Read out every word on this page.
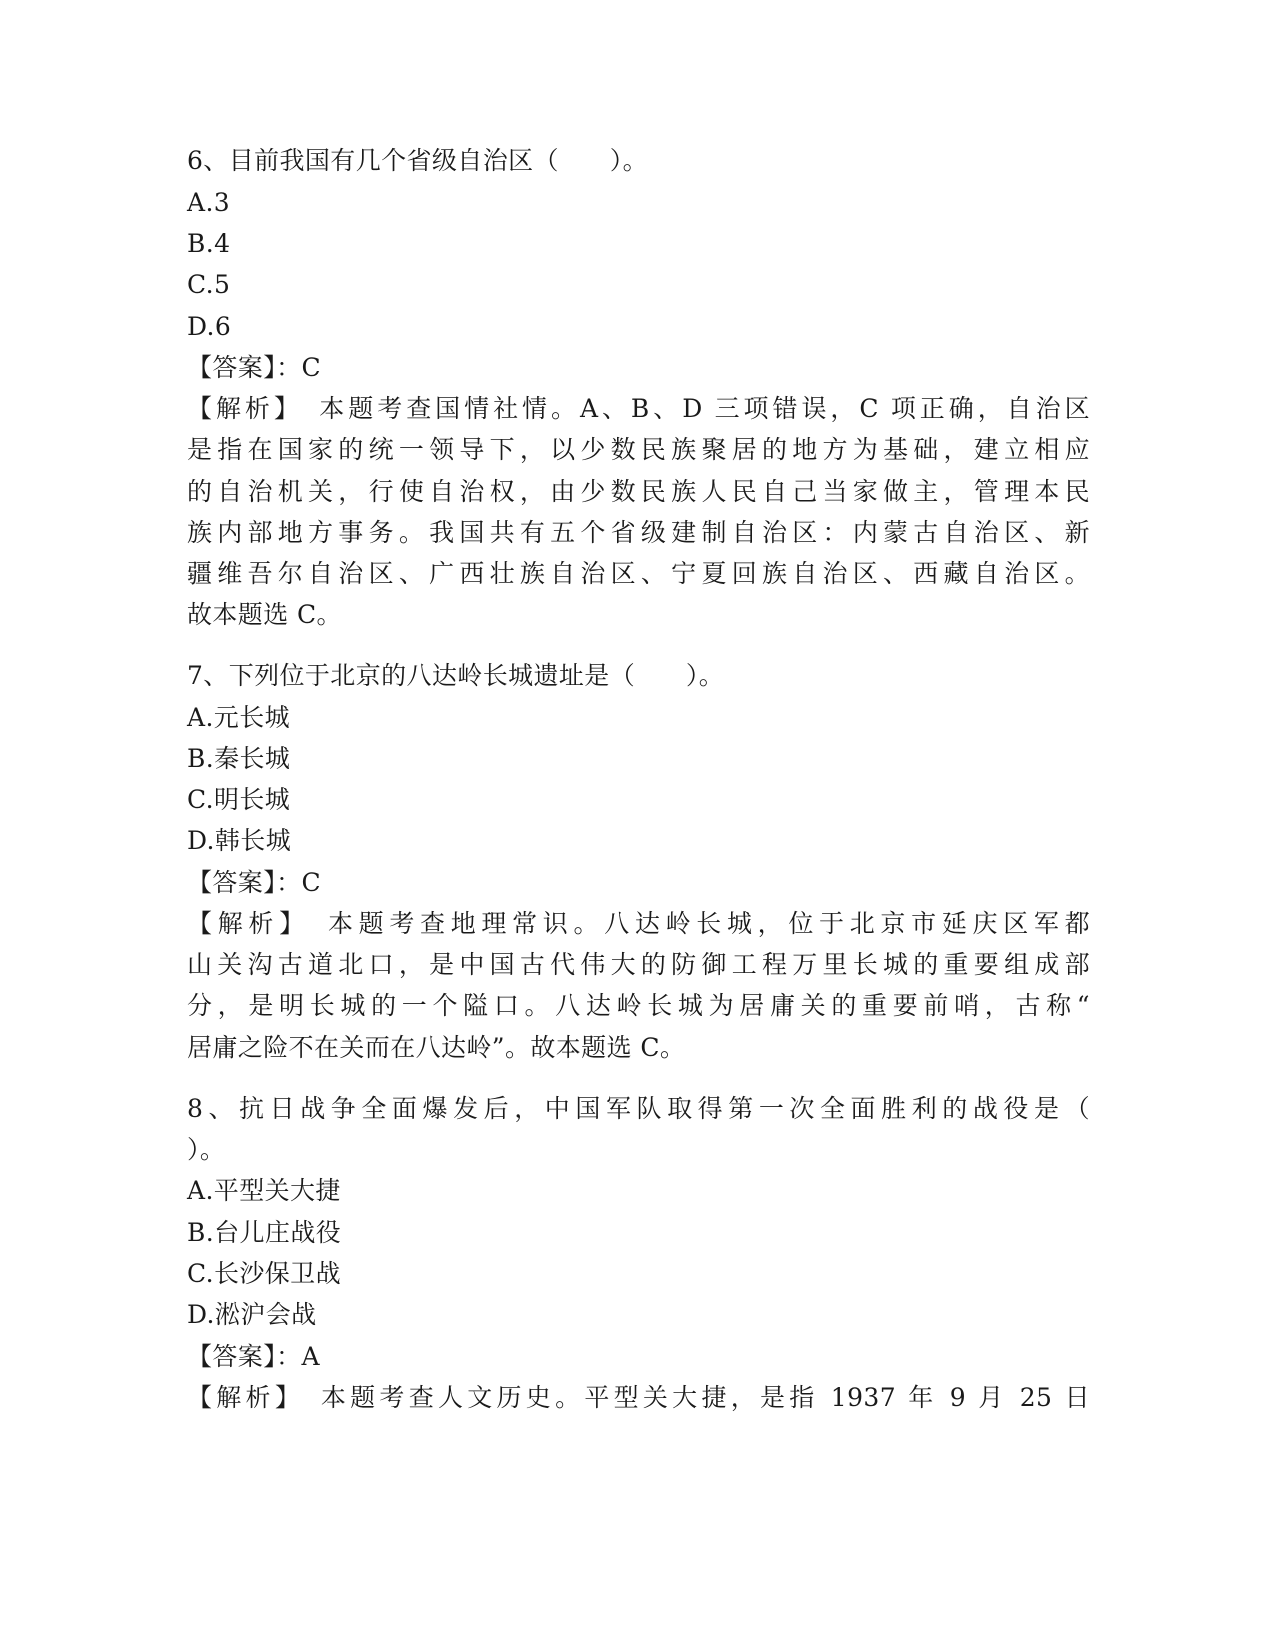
6、目前我国有几个省级自治区（　　）。
A.3
B.4
C.5
D.6
【答案】：C
【解析】　本题考查国情社情。A、B、D 三项错误，C 项正确，自治区
是指在国家的统一领导下，以少数民族聚居的地方为基础，建立相应
的自治机关，行使自治权，由少数民族人民自己当家做主，管理本民
族内部地方事务。我国共有五个省级建制自治区：内蒙古自治区、新
疆维吾尔自治区、广西壮族自治区、宁夏回族自治区、西藏自治区。
故本题选 C。
7、下列位于北京的八达岭长城遗址是（　　）。
A.元长城
B.秦长城
C.明长城
D.韩长城
【答案】：C
【解析】　本题考查地理常识。八达岭长城，位于北京市延庆区军都
山关沟古道北口，是中国古代伟大的防御工程万里长城的重要组成部
分，是明长城的一个隘口。八达岭长城为居庸关的重要前哨，古称“
居庸之险不在关而在八达岭”。故本题选 C。
8、抗日战争全面爆发后，中国军队取得第一次全面胜利的战役是（
）。
A.平型关大捷
B.台儿庄战役
C.长沙保卫战
D.淞沪会战
【答案】：A
【解析】　本题考查人文历史。平型关大捷，是指 1937 年 9 月 25 日
